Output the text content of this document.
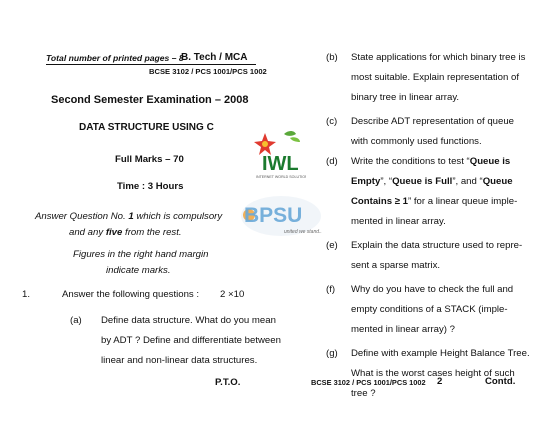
Total number of printed pages – 8
B. Tech / MCA
BCSE 3102 / PCS 1001/PCS 1002
Second Semester Examination – 2008
DATA STRUCTURE USING C
Full Marks – 70
Time : 3 Hours
Answer Question No. 1 which is compulsory
and any five from the rest.
Figures in the right hand margin
indicate marks.
1.	Answer the following questions : 2 ×10
(a) Define data structure. What do you mean
by ADT ? Define and differentiate between
linear and non-linear data structures.
P.T.O.
IWL
INTERNET WORLD SOLUTIONS
BPSU
united we stand...
(b) State applications for which binary tree is
most suitable. Explain representation of
binary tree in linear array.
(c) Describe ADT representation of queue
with commonly used functions.
(d) Write the conditions to test “Queue is
Empty”, “Queue is Full”, and “Queue
Contains ≥ 1” for a linear queue imple-
mented in linear array.
(e) Explain the data structure used to repre-
sent a sparse matrix.
(f) Why do you have to check the full and
empty conditions of a STACK (imple-
mented in linear array) ?
(g) Define with example Height Balance Tree.
What is the worst cases height of such
tree ?
BCSE 3102 / PCS 1001/PCS 1002 2	Contd.
